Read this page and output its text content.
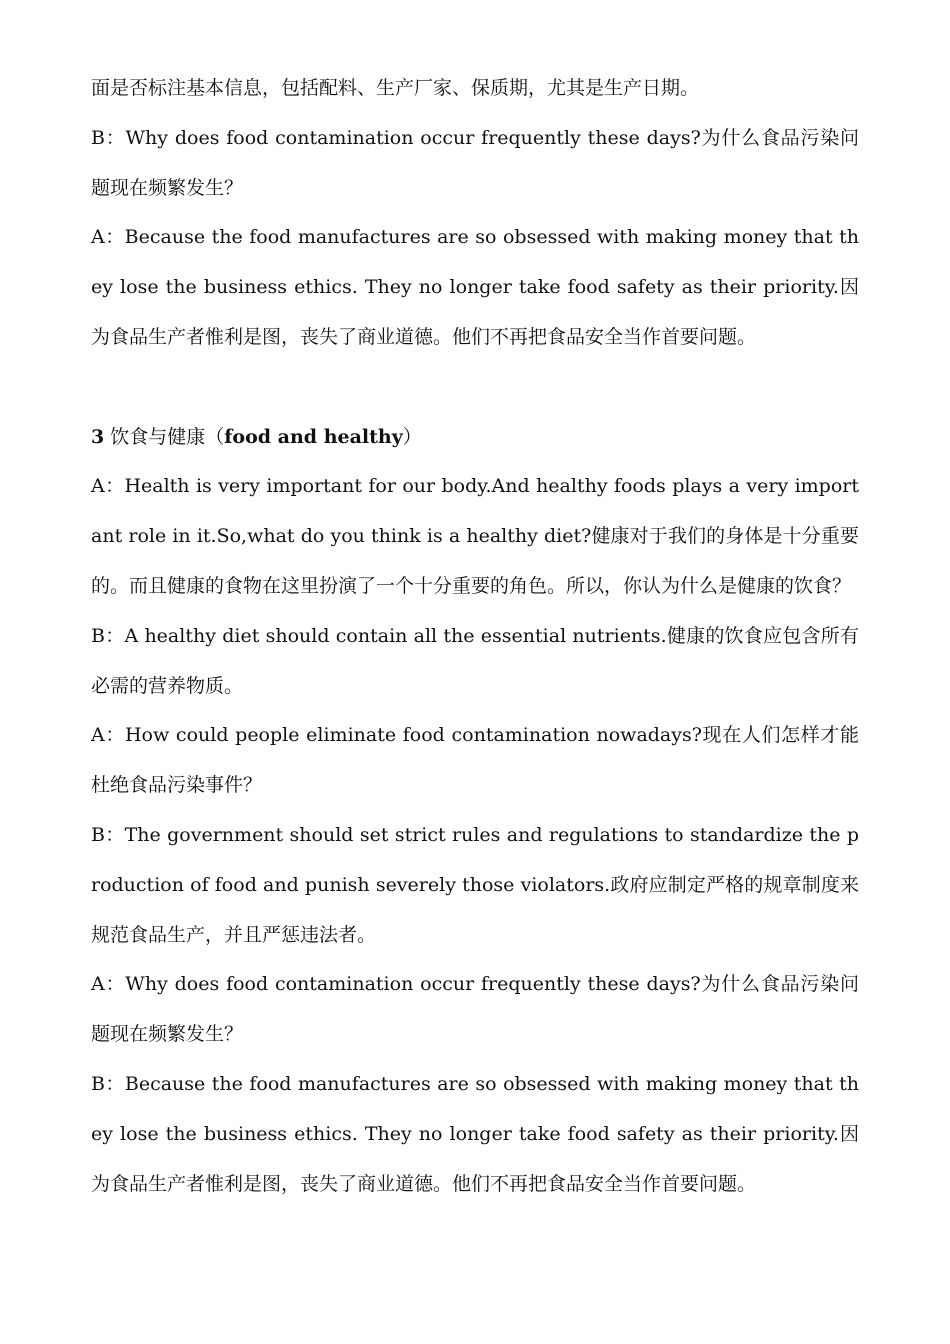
面是否标注基本信息，包括配料、生产厂家、保质期，尤其是生产日期。

B：Why does food contamination occur frequently these days?为什么食品污染问题现在频繁发生？

A：Because the food manufactures are so obsessed with making money that they lose the business ethics. They no longer take food safety as their priority.因为食品生产者惟利是图，丧失了商业道德。他们不再把食品安全当作首要问题。

3 饮食与健康（food and healthy）

A：Health is very important for our body.And healthy foods plays a very important role in it.So,what do you think is a healthy diet?健康对于我们的身体是十分重要的。而且健康的食物在这里扮演了一个十分重要的角色。所以，你认为什么是健康的饮食？

B：A healthy diet should contain all the essential nutrients.健康的饮食应包含所有必需的营养物质。

A：How could people eliminate food contamination nowadays?现在人们怎样才能杜绝食品污染事件？

B：The government should set strict rules and regulations to standardize the production of food and punish severely those violators.政府应制定严格的规章制度来规范食品生产，并且严惩违法者。

A：Why does food contamination occur frequently these days?为什么食品污染问题现在频繁发生？

B：Because the food manufactures are so obsessed with making money that they lose the business ethics. They no longer take food safety as their priority.因为食品生产者惟利是图，丧失了商业道德。他们不再把食品安全当作首要问题。
